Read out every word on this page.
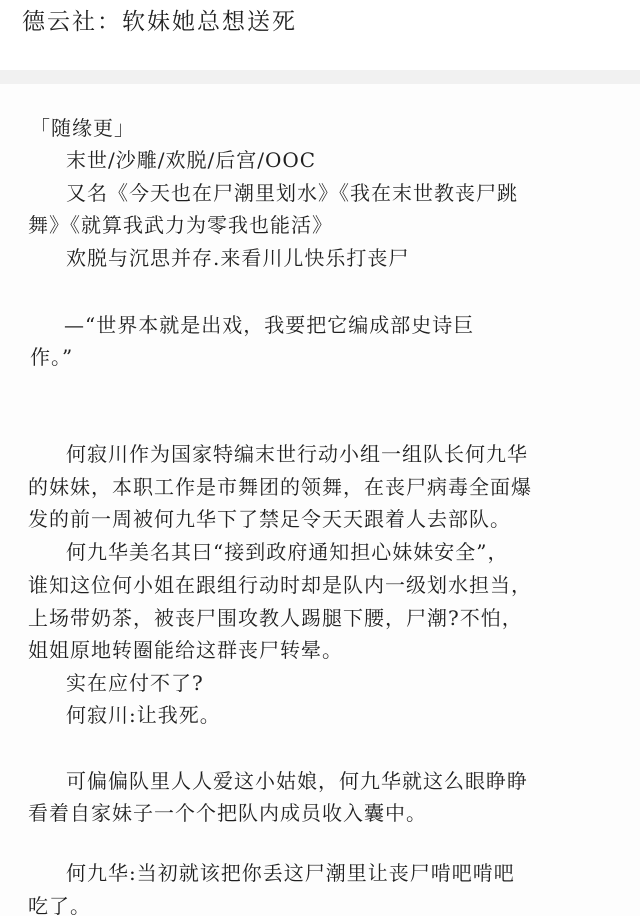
德云社：软妹她总想送死
「随缘更」
末世/沙雕/欢脱/后宫/OOC
又名《今天也在尸潮里划水》《我在末世教丧尸跳
舞》《就算我武力为零我也能活》
欢脱与沉思并存.来看川儿快乐打丧尸
—“世界本就是出戏，我要把它编成部史诗巨
作。”
何寂川作为国家特编末世行动小组一组队长何九华
的妹妹，本职工作是市舞团的领舞，在丧尸病毒全面爆
发的前一周被何九华下了禁足令天天跟着人去部队。
何九华美名其曰“接到政府通知担心妹妹安全”，
谁知这位何小姐在跟组行动时却是队内一级划水担当，
上场带奶茶，被丧尸围攻教人踢腿下腰，尸潮?不怕，
姐姐原地转圈能给这群丧尸转晕。
实在应付不了?
何寂川:让我死。
可偏偏队里人人爱这小姑娘，何九华就这么眼睁睁
看着自家妹子一个个把队内成员收入囊中。
何九华:当初就该把你丢这尸潮里让丧尸啃吧啃吧
吃了。
